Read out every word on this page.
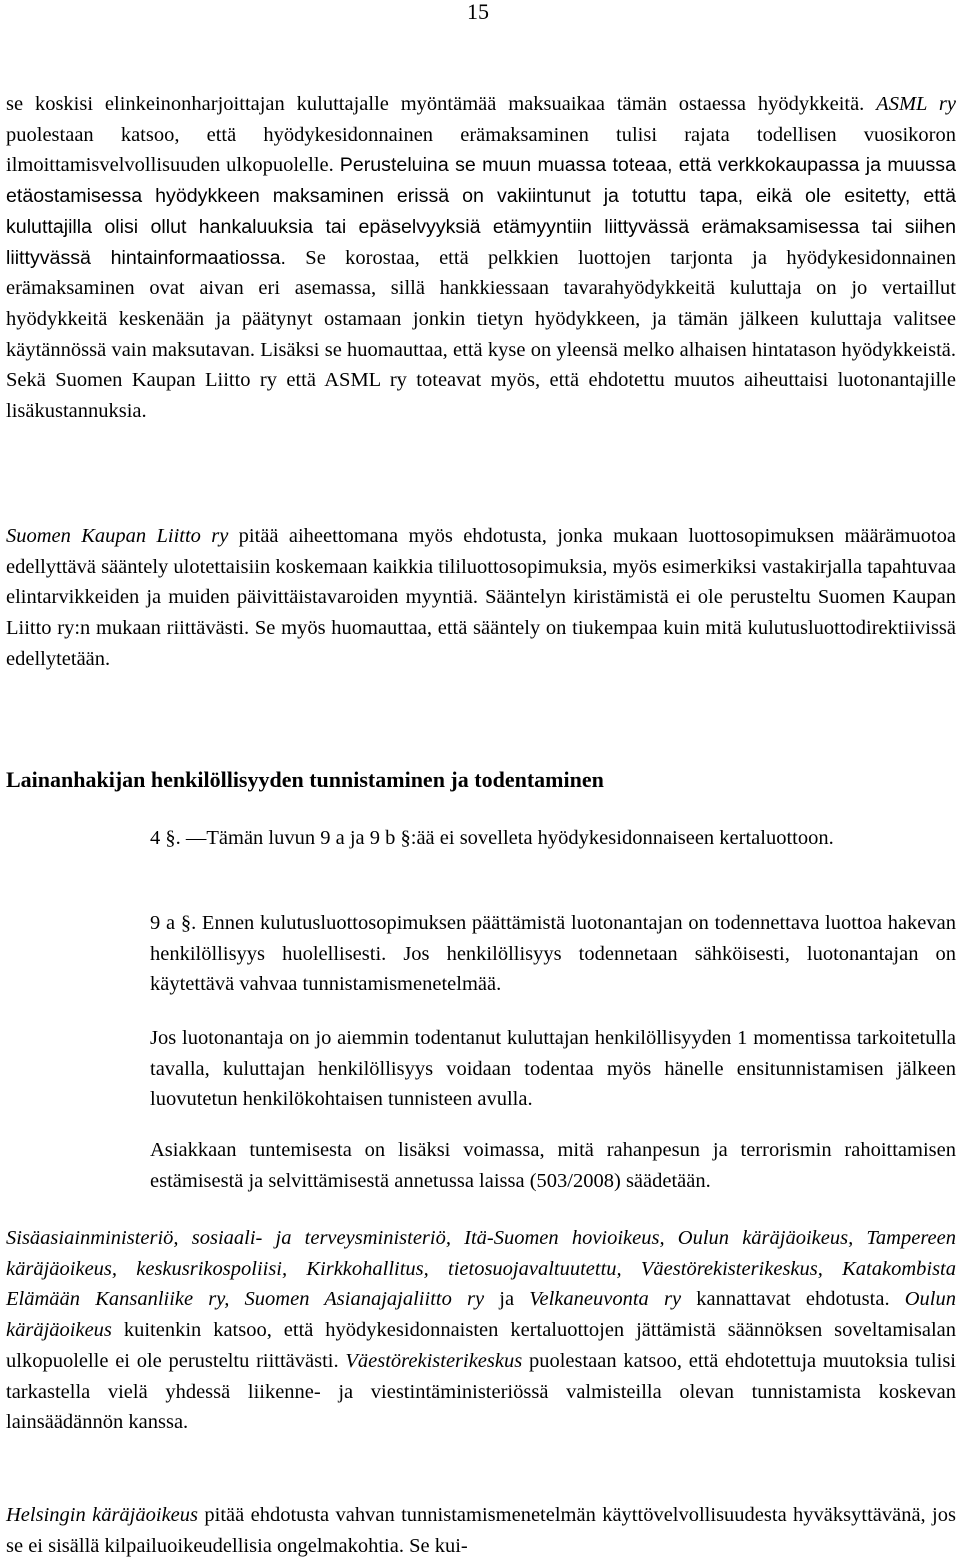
15
se koskisi elinkeinonharjoittajan kuluttajalle myöntämää maksuaikaa tämän ostaessa hyödykkeitä. ASML ry puolestaan katsoo, että hyödykesidonnainen erämaksaminen tulisi rajata todellisen vuosikoron ilmoittamisvelvollisuuden ulkopuolelle. Perusteluina se muun muassa toteaa, että verkkokaupassa ja muussa etäostamisessa hyödykkeen maksaminen erissä on vakiintunut ja totuttu tapa, eikä ole esitetty, että kuluttajilla olisi ollut hankaluuksia tai epäselvyyksiä etämyyntiin liittyvässä erämaksamisessa tai siihen liittyvässä hintainformaatiossa. Se korostaa, että pelkkien luottojen tarjonta ja hyödykesidonnainen erämaksaminen ovat aivan eri asemassa, sillä hankkiessaan tavarahyödykkeitä kuluttaja on jo vertaillut hyödykkeitä keskenään ja päätynyt ostamaan jonkin tietyn hyödykkeen, ja tämän jälkeen kuluttaja valitsee käytännössä vain maksutavan. Lisäksi se huomauttaa, että kyse on yleensä melko alhaisen hintatason hyödykkeistä. Sekä Suomen Kaupan Liitto ry että ASML ry toteavat myös, että ehdotettu muutos aiheuttaisi luotonantajille lisäkustannuksia.
Suomen Kaupan Liitto ry pitää aiheettomana myös ehdotusta, jonka mukaan luottosopimuksen määrämuotoa edellyttävä sääntely ulotettaisiin koskemaan kaikkia tililuottosopimuksia, myös esimerkiksi vastakirjalla tapahtuvaa elintarvikkeiden ja muiden päivittäistavaroiden myyntiä. Sääntelyn kiristämistä ei ole perusteltu Suomen Kaupan Liitto ry:n mukaan riittävästi. Se myös huomauttaa, että sääntely on tiukempaa kuin mitä kulutusluottodirektiivissä edellytetään.
Lainanhakijan henkilöllisyyden tunnistaminen ja todentaminen
4 §. ––Tämän luvun 9 a ja 9 b §:ää ei sovelleta hyödykesidonnaiseen kertaluottoon.
9 a §. Ennen kulutusluottosopimuksen päättämistä luotonantajan on todennettava luottoa hakevan henkilöllisyys huolellisesti. Jos henkilöllisyys todennetaan sähköisesti, luotonantajan on käytettävä vahvaa tunnistamismenetelmää.
Jos luotonantaja on jo aiemmin todentanut kuluttajan henkilöllisyyden 1 momentissa tarkoitetulla tavalla, kuluttajan henkilöllisyys voidaan todentaa myös hänelle ensitunnistamisen jälkeen luovutetun henkilökohtaisen tunnisteen avulla.
Asiakkaan tuntemisesta on lisäksi voimassa, mitä rahanpesun ja terrorismin rahoittamisen estämisestä ja selvittämisestä annetussa laissa (503/2008) säädetään.
Sisäasiainministeriö, sosiaali- ja terveysministeriö, Itä-Suomen hovioikeus, Oulun käräjäoikeus, Tampereen käräjäoikeus, keskusrikospoliisi, Kirkkohallitus, tietosuojavaltuutettu, Väestörekisterikeskus, Katakombista Elämään Kansanliike ry, Suomen Asianajajaliitto ry ja Velkaneuvonta ry kannattavat ehdotusta. Oulun käräjäoikeus kuitenkin katsoo, että hyödykesidonnaisten kertaluottojen jättämistä säännöksen soveltamisalan ulkopuolelle ei ole perusteltu riittävästi. Väestörekisterikeskus puolestaan katsoo, että ehdotettuja muutoksia tulisi tarkastella vielä yhdessä liikenne- ja viestintäministeriössä valmisteilla olevan tunnistamista koskevan lainsäädännön kanssa.
Helsingin käräjäoikeus pitää ehdotusta vahvan tunnistamismenetelmän käyttövelvollisuudesta hyväksyttävänä, jos se ei sisällä kilpailuoikeudellisia ongelmakohtia. Se kui-
